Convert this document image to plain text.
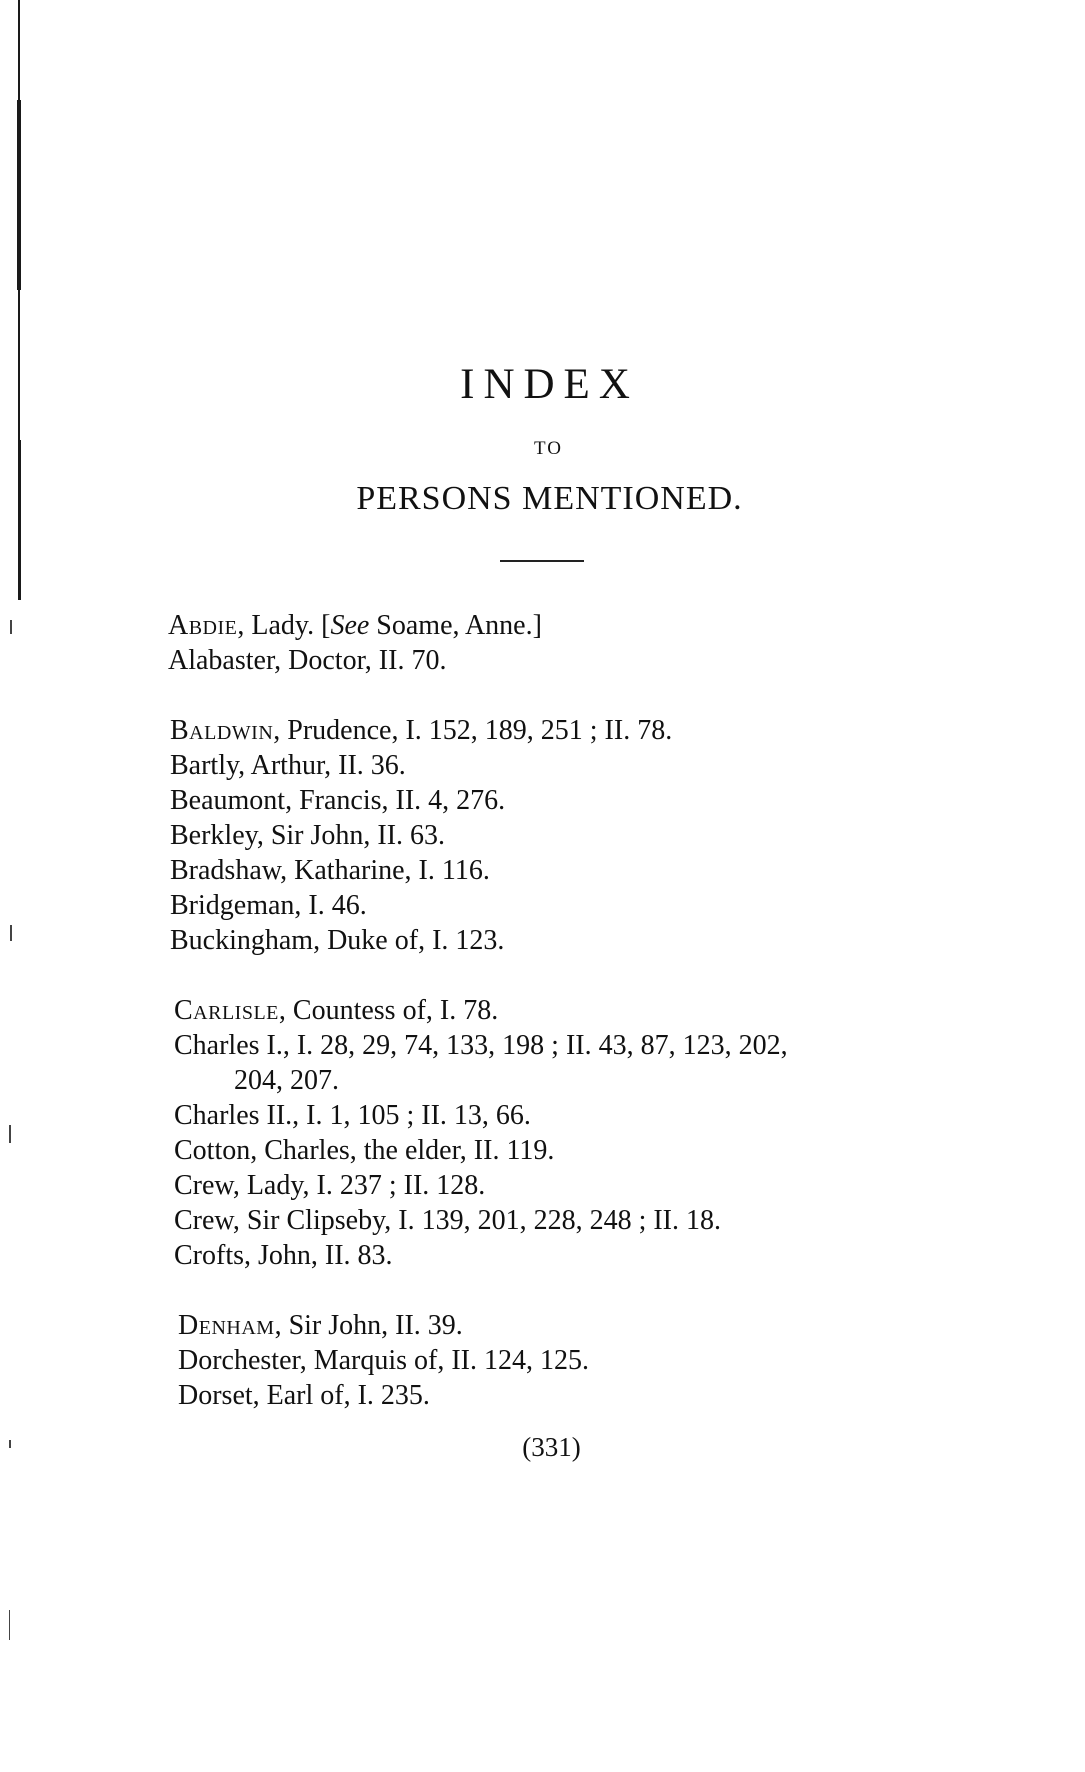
INDEX
TO
PERSONS MENTIONED.
Abdie, Lady. [See Soame, Anne.]
Alabaster, Doctor, II. 70.
Baldwin, Prudence, I. 152, 189, 251 ; II. 78.
Bartly, Arthur, II. 36.
Beaumont, Francis, II. 4, 276.
Berkley, Sir John, II. 63.
Bradshaw, Katharine, I. 116.
Bridgeman, I. 46.
Buckingham, Duke of, I. 123.
Carlisle, Countess of, I. 78.
Charles I., I. 28, 29, 74, 133, 198 ; II. 43, 87, 123, 202,
204, 207.
Charles II., I. 1, 105 ; II. 13, 66.
Cotton, Charles, the elder, II. 119.
Crew, Lady, I. 237 ; II. 128.
Crew, Sir Clipseby, I. 139, 201, 228, 248 ; II. 18.
Crofts, John, II. 83.
Denham, Sir John, II. 39.
Dorchester, Marquis of, II. 124, 125.
Dorset, Earl of, I. 235.
(331)
